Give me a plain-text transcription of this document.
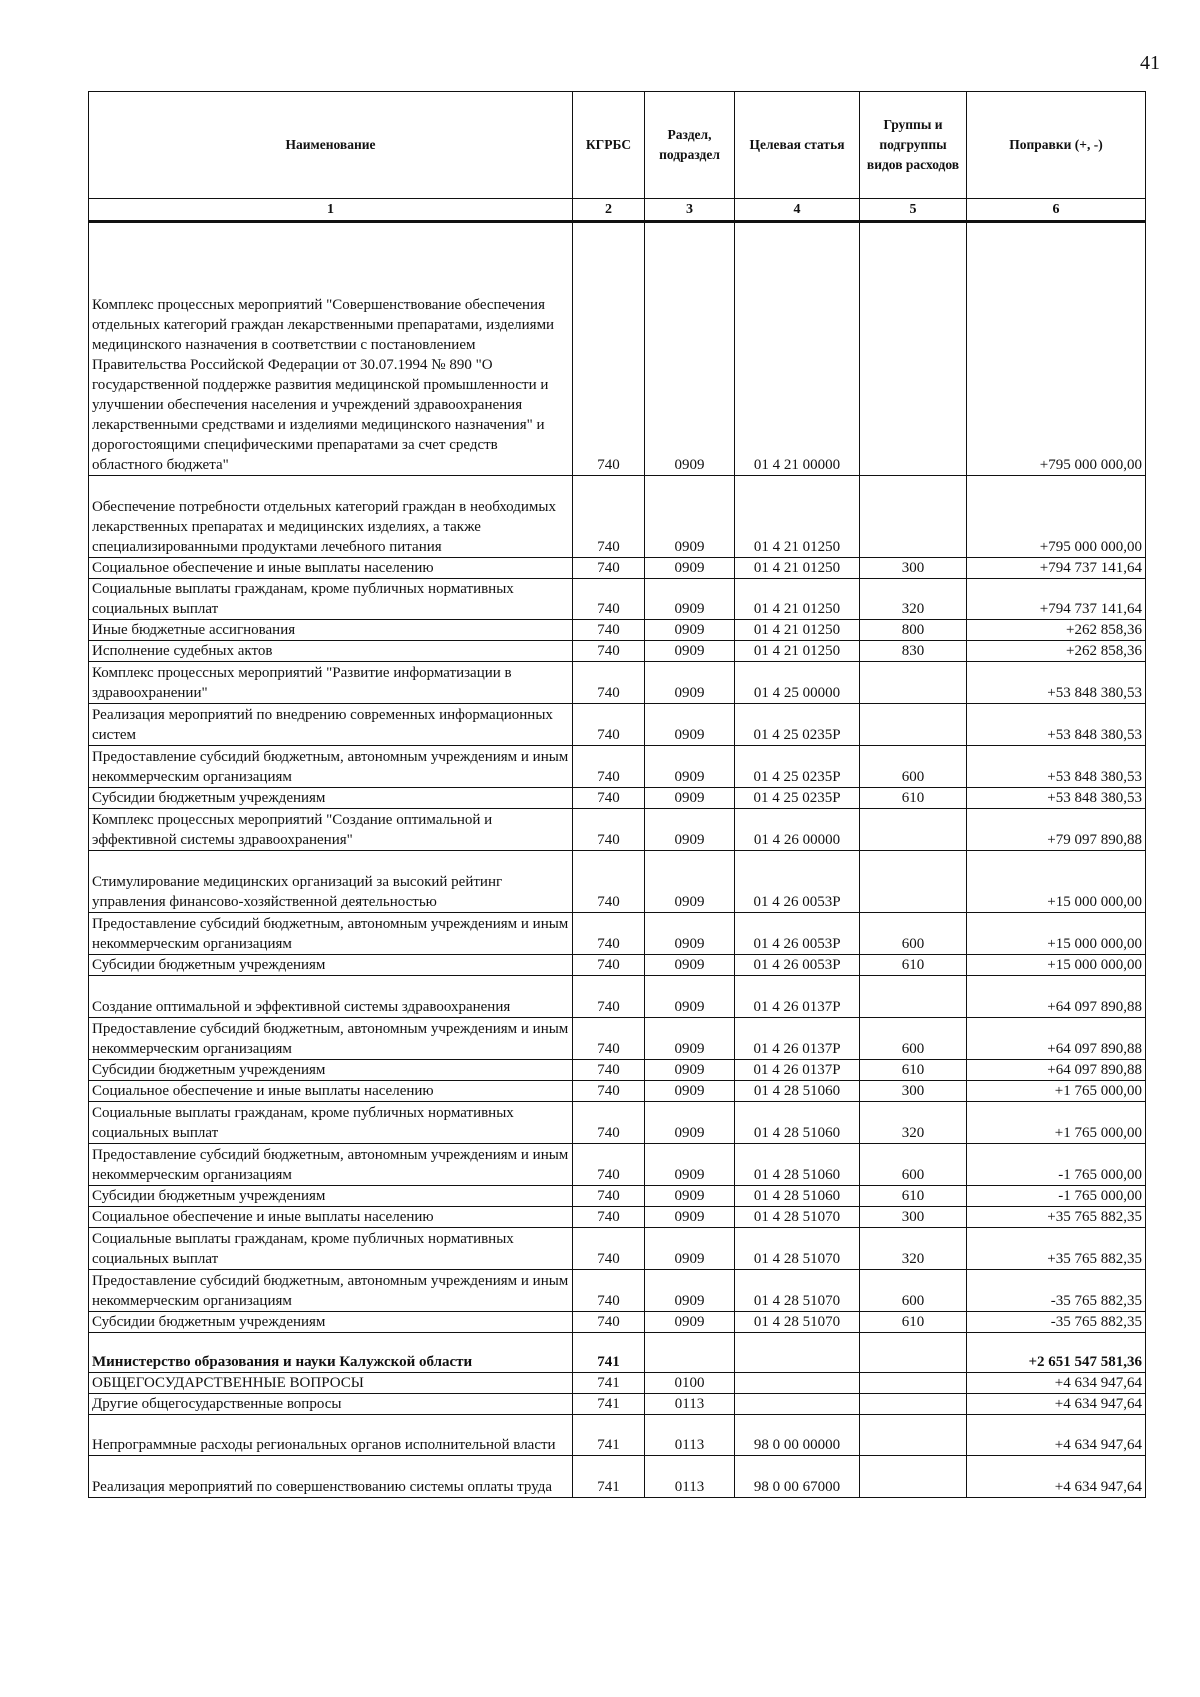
41
Наименование	КГРБС	Раздел, подраздел	Целевая статья	Группы и подгруппы видов расходов	Поправки (+, -)
1	2	3	4	5	6
Комплекс процессных мероприятий "Совершенствование обеспечения отдельных категорий граждан лекарственными препаратами, изделиями медицинского назначения в соответствии с постановлением Правительства Российской Федерации от 30.07.1994 № 890 "О государственной поддержке развития медицинской промышленности и улучшении обеспечения населения и учреждений здравоохранения лекарственными средствами и изделиями медицинского назначения" и дорогостоящими специфическими препаратами за счет средств областного бюджета"	740	0909	01 4 21 00000		+795 000 000,00
Обеспечение потребности отдельных категорий граждан в необходимых лекарственных препаратах и медицинских изделиях, а также специализированными продуктами лечебного питания	740	0909	01 4 21 01250		+795 000 000,00
Социальное обеспечение и иные выплаты населению	740	0909	01 4 21 01250	300	+794 737 141,64
Социальные выплаты гражданам, кроме публичных нормативных социальных выплат	740	0909	01 4 21 01250	320	+794 737 141,64
Иные бюджетные ассигнования	740	0909	01 4 21 01250	800	+262 858,36
Исполнение судебных актов	740	0909	01 4 21 01250	830	+262 858,36
Комплекс процессных мероприятий "Развитие информатизации в здравоохранении"	740	0909	01 4 25 00000		+53 848 380,53
Реализация мероприятий по внедрению современных информационных систем	740	0909	01 4 25 0235Р		+53 848 380,53
Предоставление субсидий бюджетным, автономным учреждениям и иным некоммерческим организациям	740	0909	01 4 25 0235Р	600	+53 848 380,53
Субсидии бюджетным учреждениям	740	0909	01 4 25 0235Р	610	+53 848 380,53
Комплекс процессных мероприятий "Создание оптимальной и эффективной системы здравоохранения"	740	0909	01 4 26 00000		+79 097 890,88
Стимулирование медицинских организаций за высокий рейтинг управления финансово-хозяйственной деятельностью	740	0909	01 4 26 0053Р		+15 000 000,00
Предоставление субсидий бюджетным, автономным учреждениям и иным некоммерческим организациям	740	0909	01 4 26 0053Р	600	+15 000 000,00
Субсидии бюджетным учреждениям	740	0909	01 4 26 0053Р	610	+15 000 000,00
Создание оптимальной и эффективной системы здравоохранения	740	0909	01 4 26 0137Р		+64 097 890,88
Предоставление субсидий бюджетным, автономным учреждениям и иным некоммерческим организациям	740	0909	01 4 26 0137Р	600	+64 097 890,88
Субсидии бюджетным учреждениям	740	0909	01 4 26 0137Р	610	+64 097 890,88
Социальное обеспечение и иные выплаты населению	740	0909	01 4 28 51060	300	+1 765 000,00
Социальные выплаты гражданам, кроме публичных нормативных социальных выплат	740	0909	01 4 28 51060	320	+1 765 000,00
Предоставление субсидий бюджетным, автономным учреждениям и иным некоммерческим организациям	740	0909	01 4 28 51060	600	-1 765 000,00
Субсидии бюджетным учреждениям	740	0909	01 4 28 51060	610	-1 765 000,00
Социальное обеспечение и иные выплаты населению	740	0909	01 4 28 51070	300	+35 765 882,35
Социальные выплаты гражданам, кроме публичных нормативных социальных выплат	740	0909	01 4 28 51070	320	+35 765 882,35
Предоставление субсидий бюджетным, автономным учреждениям и иным некоммерческим организациям	740	0909	01 4 28 51070	600	-35 765 882,35
Субсидии бюджетным учреждениям	740	0909	01 4 28 51070	610	-35 765 882,35
Министерство образования и науки Калужской области	741				+2 651 547 581,36
ОБЩЕГОСУДАРСТВЕННЫЕ ВОПРОСЫ	741	0100			+4 634 947,64
Другие общегосударственные вопросы	741	0113			+4 634 947,64
Непрограммные расходы региональных органов исполнительной власти	741	0113	98 0 00 00000		+4 634 947,64
Реализация мероприятий по совершенствованию системы оплаты труда	741	0113	98 0 00 67000		+4 634 947,64
